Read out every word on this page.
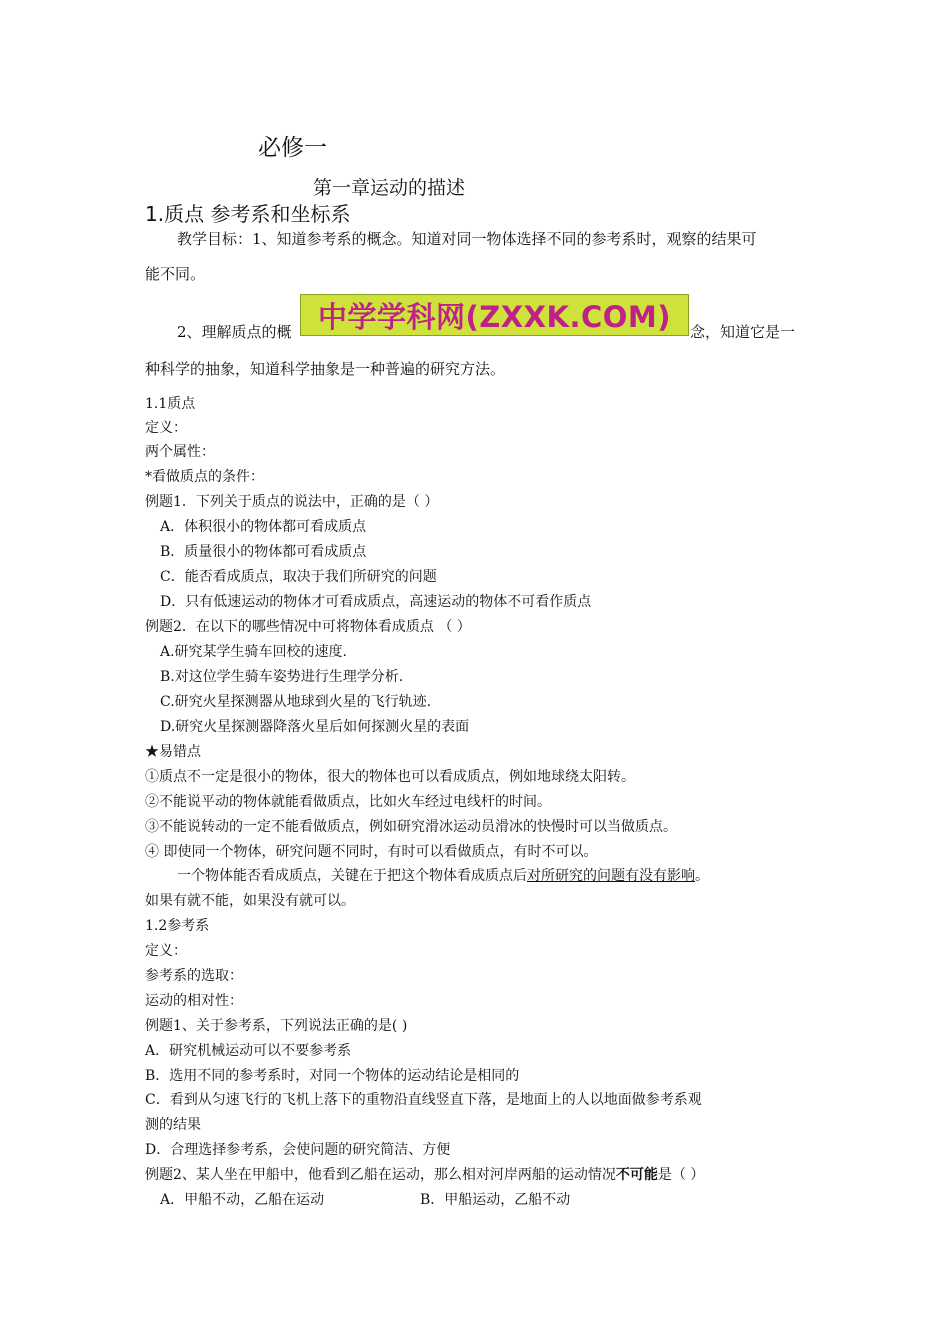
必修一
第一章运动的描述
1.质点 参考系和坐标系
教学目标：1、知道参考系的概念。知道对同一物体选择不同的参考系时，观察的结果可
能不同。
2、理解质点的概 中学学科网(ZXXK.COM)	念，知道它是一
种科学的抽象，知道科学抽象是一种普遍的研究方法。
1.1质点
定义：
两个属性：
*看做质点的条件：
例题1．下列关于质点的说法中，正确的是（ ）
A．体积很小的物体都可看成质点
B．质量很小的物体都可看成质点
C．能否看成质点，取决于我们所研究的问题
D．只有低速运动的物体才可看成质点，高速运动的物体不可看作质点
例题2．在以下的哪些情况中可将物体看成质点 （ ）
A.研究某学生骑车回校的速度.
B.对这位学生骑车姿势进行生理学分析.
C.研究火星探测器从地球到火星的飞行轨迹.
D.研究火星探测器降落火星后如何探测火星的表面
★易错点
①质点不一定是很小的物体，很大的物体也可以看成质点，例如地球绕太阳转。
②不能说平动的物体就能看做质点，比如火车经过电线杆的时间。
③不能说转动的一定不能看做质点，例如研究滑冰运动员滑冰的快慢时可以当做质点。
④ 即使同一个物体，研究问题不同时，有时可以看做质点，有时不可以。
一个物体能否看成质点，关键在于把这个物体看成质点后对所研究的问题有没有影响。
如果有就不能，如果没有就可以。
1.2参考系
定义：
参考系的选取：
运动的相对性：
例题1、关于参考系，下列说法正确的是( )
A．研究机械运动可以不要参考系
B．选用不同的参考系时，对同一个物体的运动结论是相同的
C．看到从匀速飞行的飞机上落下的重物沿直线竖直下落，是地面上的人以地面做参考系观
测的结果
D．合理选择参考系，会使问题的研究简洁、方便
例题2、某人坐在甲船中，他看到乙船在运动，那么相对河岸两船的运动情况不可能是（ ）
A．甲船不动，乙船在运动	B．甲船运动，乙船不动
